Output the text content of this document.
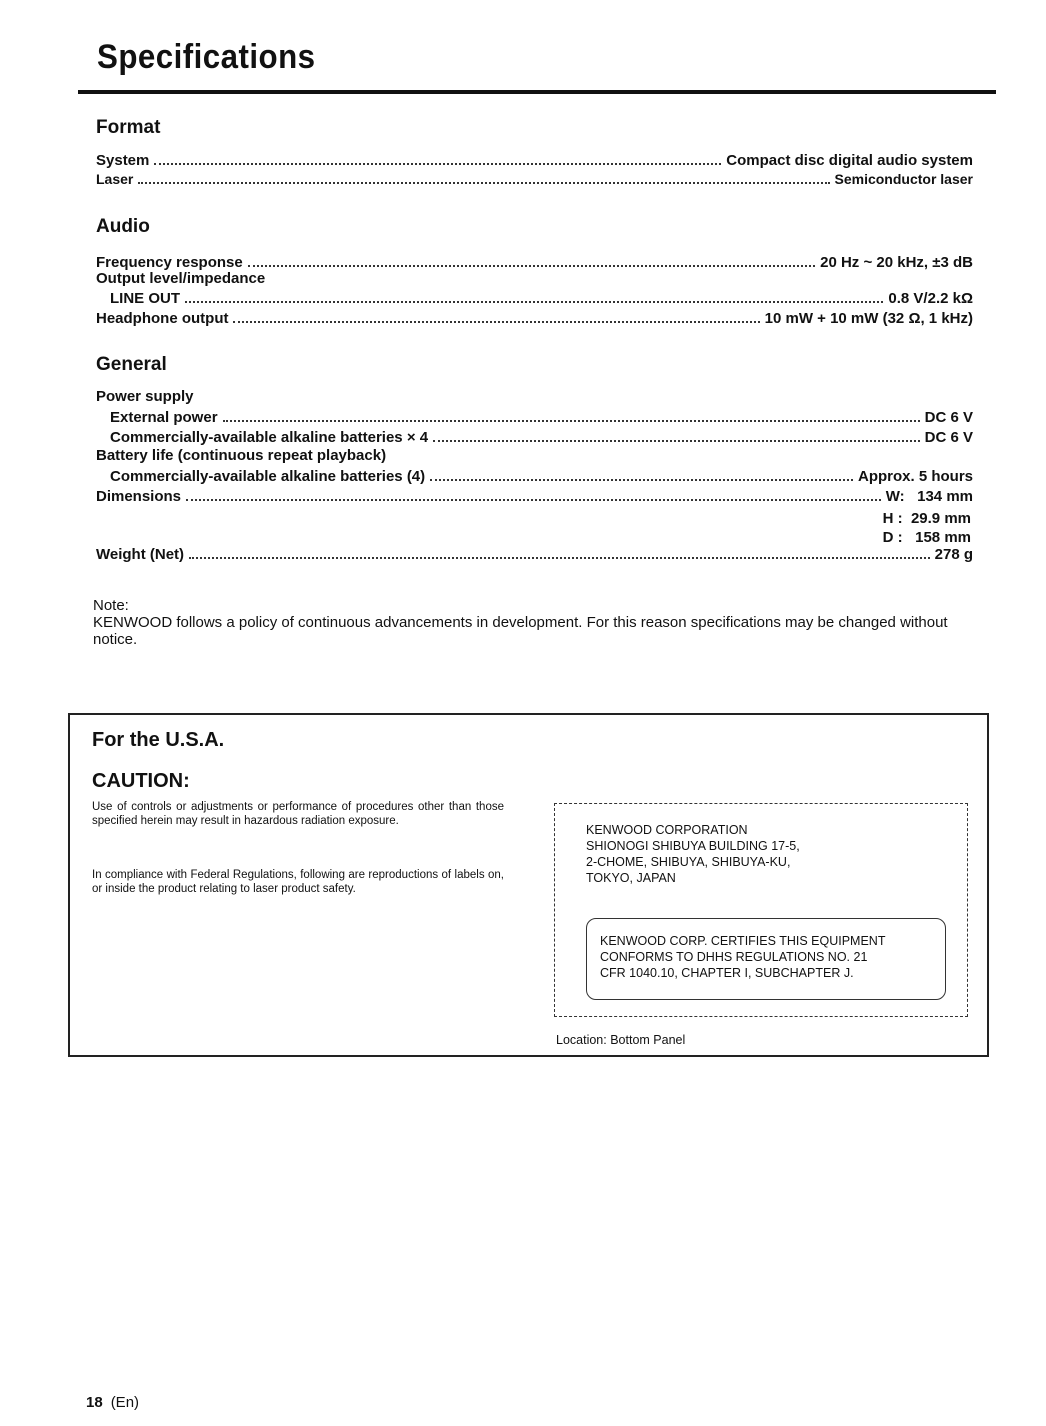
Specifications
Format
System	Compact disc digital audio system
Laser	Semiconductor laser
Audio
Frequency response	20 Hz ~ 20 kHz, ±3 dB
Output level/impedance
LINE OUT	0.8 V/2.2 kΩ
Headphone output	10 mW + 10 mW (32 Ω, 1 kHz)
General
Power supply
External power	DC 6 V
Commercially-available alkaline batteries × 4	DC 6 V
Battery life (continuous repeat playback)
Commercially-available alkaline batteries (4)	Approx. 5 hours
Dimensions	W:   134 mm
H :  29.9 mm
D :   158 mm
Weight (Net)	278 g
Note:
KENWOOD follows a policy of continuous advancements in development. For this reason specifications may be changed without notice.
For the U.S.A.
CAUTION:
Use of controls or adjustments or performance of procedures other than those specified herein may result in hazardous radiation exposure.
In compliance with Federal Regulations, following are reproductions of labels on, or inside the product relating to laser product safety.
KENWOOD CORPORATION
SHIONOGI SHIBUYA BUILDING 17-5,
2-CHOME, SHIBUYA, SHIBUYA-KU,
TOKYO, JAPAN
KENWOOD CORP. CERTIFIES THIS EQUIPMENT
CONFORMS TO DHHS REGULATIONS NO. 21
CFR 1040.10, CHAPTER I, SUBCHAPTER J.
Location: Bottom Panel
18 (En)
